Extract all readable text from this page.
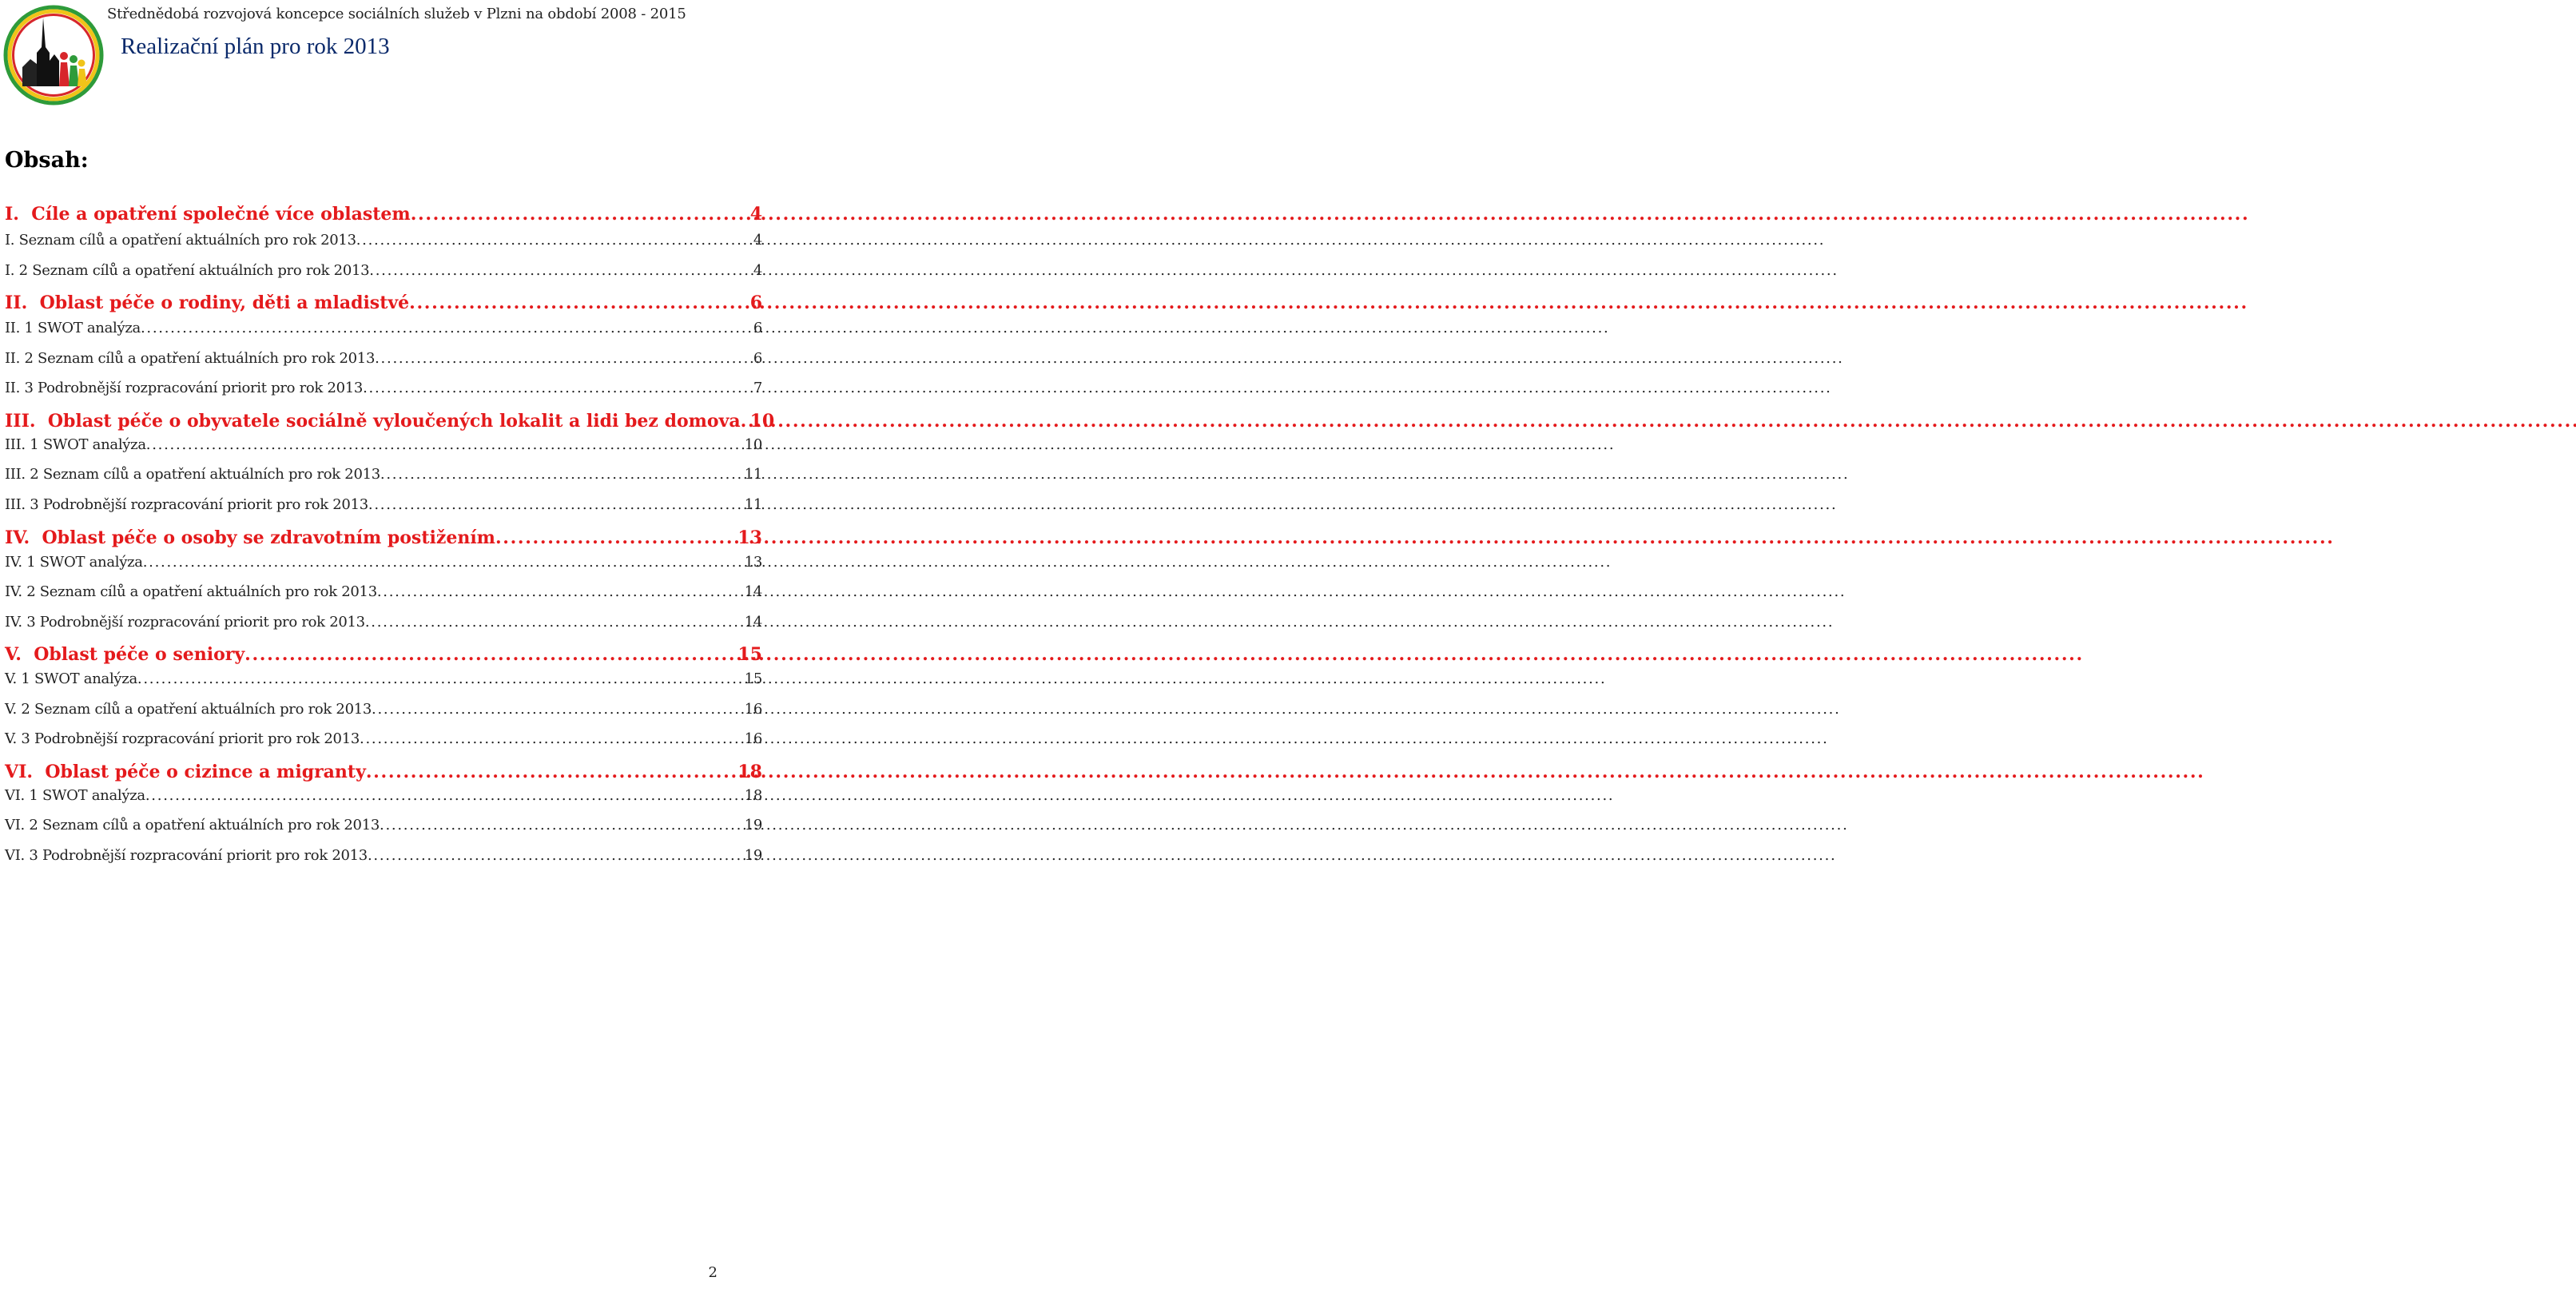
Střednědobá rozvojová koncepce sociálních služeb v Plzni na období 2008 - 2015
Realizační plán pro rok 2013
Obsah:
I. Cíle a opatření společné více oblastem . . .	4
I. Seznam cílů a opatření aktuálních pro rok 2013 . . .	4
I. 2 Seznam cílů a opatření aktuálních pro rok 2013 . . .	4
II. Oblast péče o rodiny, děti a mladistvé . . .	6
II. 1 SWOT analýza . . .	6
II. 2 Seznam cílů a opatření aktuálních pro rok 2013 . . .	6
II. 3 Podrobnější rozpracování priorit pro rok 2013 . . .	7
III. Oblast péče o obyvatele sociálně vyloučených lokalit a lidi bez domova . . . 10
III. 1 SWOT analýza . . .	10
III. 2 Seznam cílů a opatření aktuálních pro rok 2013 . . .	11
III. 3 Podrobnější rozpracování priorit pro rok 2013 . . .	11
IV. Oblast péče o osoby se zdravotním postižením . . .	13
IV. 1 SWOT analýza . . .	13
IV. 2 Seznam cílů a opatření aktuálních pro rok 2013 . . .	14
IV. 3 Podrobnější rozpracování priorit pro rok 2013 . . .	14
V. Oblast péče o seniory . . .	15
V. 1 SWOT analýza . . .	15
V. 2 Seznam cílů a opatření aktuálních pro rok 2013 . . .	16
V. 3 Podrobnější rozpracování priorit pro rok 2013 . . .	16
VI. Oblast péče o cizince a migranty . . .	18
VI. 1 SWOT analýza . . .	18
VI. 2 Seznam cílů a opatření aktuálních pro rok 2013 . . .	19
VI. 3 Podrobnější rozpracování priorit pro rok 2013 . . .	19
2
